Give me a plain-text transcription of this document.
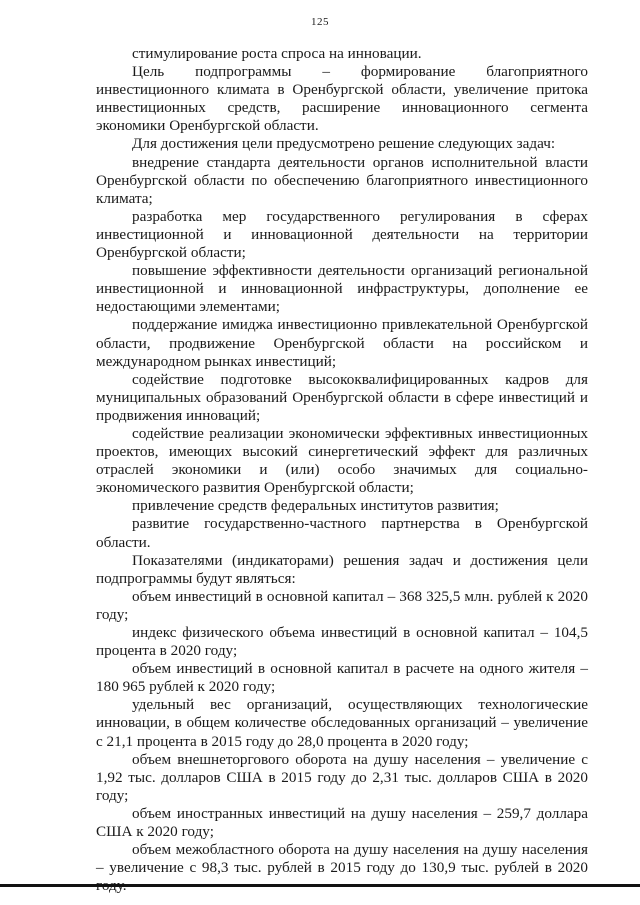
125

стимулирование роста спроса на инновации.

Цель подпрограммы – формирование благоприятного инвестиционного климата в Оренбургской области, увеличение притока инвестиционных средств, расширение инновационного сегмента экономики Оренбургской области.

Для достижения цели предусмотрено решение следующих задач:

внедрение стандарта деятельности органов исполнительной власти Оренбургской области по обеспечению благоприятного инвестиционного климата;

разработка мер государственного регулирования в сферах инвестиционной и инновационной деятельности на территории Оренбургской области;

повышение эффективности деятельности организаций региональной инвестиционной и инновационной инфраструктуры, дополнение ее недостающими элементами;

поддержание имиджа инвестиционно привлекательной Оренбургской области, продвижение Оренбургской области на российском и международном рынках инвестиций;

содействие подготовке высококвалифицированных кадров для муниципальных образований Оренбургской области в сфере инвестиций и продвижения инноваций;

содействие реализации экономически эффективных инвестиционных проектов, имеющих высокий синергетический эффект для различных отраслей экономики и (или) особо значимых для социально-экономического развития Оренбургской области;

привлечение средств федеральных институтов развития;

развитие государственно-частного партнерства в Оренбургской области.

Показателями (индикаторами) решения задач и достижения цели подпрограммы будут являться:

объем инвестиций в основной капитал – 368 325,5 млн. рублей к 2020 году;

индекс физического объема инвестиций в основной капитал – 104,5 процента в 2020 году;

объем инвестиций в основной капитал в расчете на одного жителя – 180 965 рублей к 2020 году;

удельный вес организаций, осуществляющих технологические инновации, в общем количестве обследованных организаций – увеличение с 21,1 процента в 2015 году до 28,0 процента в 2020 году;

объем внешнеторгового оборота на душу населения – увеличение с 1,92 тыс. долларов США в 2015 году до 2,31 тыс. долларов США в 2020 году;

объем иностранных инвестиций на душу населения – 259,7 доллара США к 2020 году;

объем межобластного оборота на душу населения на душу населения – увеличение с 98,3 тыс. рублей в 2015 году до 130,9 тыс. рублей в 2020
